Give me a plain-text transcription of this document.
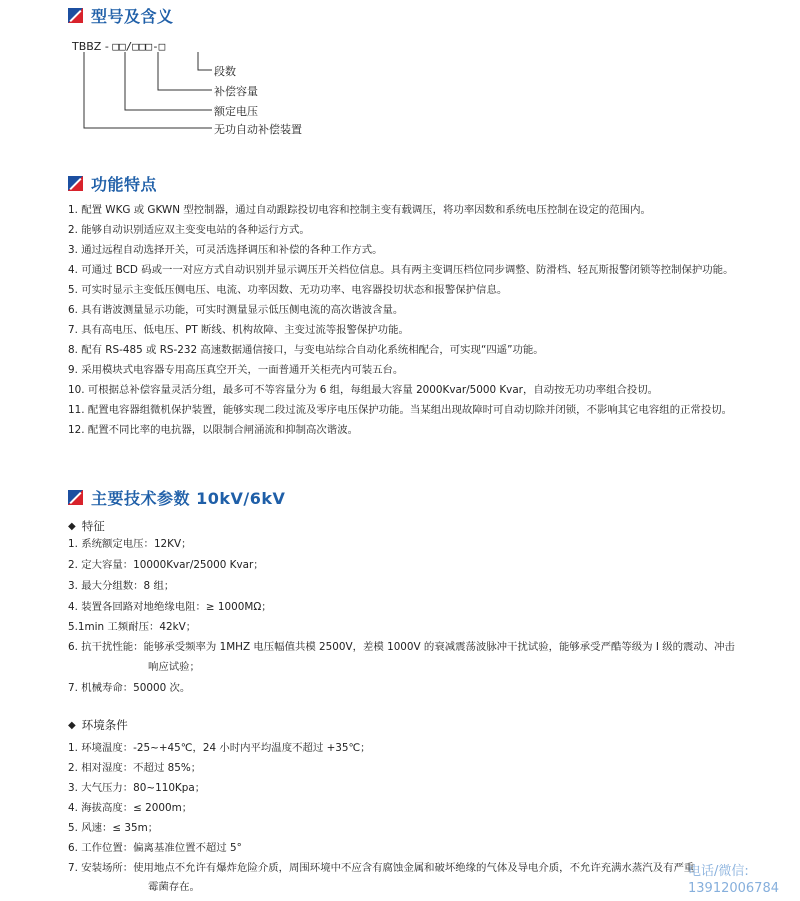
型号及含义
TBBZ - □□/□□□-□
段数
补偿容量
额定电压
无功自动补偿装置
功能特点
1. 配置 WKG 或 GKWN 型控制器，通过自动跟踪投切电容和控制主变有载调压，将功率因数和系统电压控制在设定的范围内。
2. 能够自动识别适应双主变变电站的各种运行方式。
3. 通过远程自动选择开关，可灵活选择调压和补偿的各种工作方式。
4. 可通过 BCD 码或一一对应方式自动识别并显示调压开关档位信息。具有两主变调压档位同步调整、防滑档、轻瓦斯报警闭锁等控制保护功能。
5. 可实时显示主变低压侧电压、电流、功率因数、无功功率、电容器投切状态和报警保护信息。
6. 具有谐波测量显示功能，可实时测量显示低压侧电流的高次谐波含量。
7. 具有高电压、低电压、PT 断线、机构故障、主变过流等报警保护功能。
8. 配有 RS-485 或 RS-232 高速数据通信接口，与变电站综合自动化系统相配合，可实现“四遥”功能。
9. 采用模块式电容器专用高压真空开关，一面普通开关柜壳内可装五台。
10. 可根据总补偿容量灵活分组，最多可不等容量分为 6 组，每组最大容量 2000Kvar/5000 Kvar，自动按无功功率组合投切。
11. 配置电容器组微机保护装置，能够实现二段过流及零序电压保护功能。当某组出现故障时可自动切除并闭锁，不影响其它电容组的正常投切。
12. 配置不同比率的电抗器，以限制合闸涌流和抑制高次谐波。
主要技术参数 10kV/6kV
◆ 特征
1. 系统额定电压：12KV；
2. 定大容量：10000Kvar/25000 Kvar；
3. 最大分组数：8 组；
4. 装置各回路对地绝缘电阻：≥ 1000MΩ；
5.1min 工频耐压：42kV；
6. 抗干扰性能：能够承受频率为 1MHZ 电压幅值共模 2500V，差模 1000V 的衰减震荡波脉冲干扰试验，能够承受严酷等级为 I 级的震动、冲击
响应试验；
7. 机械寿命：50000 次。
◆ 环境条件
1. 环境温度：-25~+45℃，24 小时内平均温度不超过 +35℃；
2. 相对湿度：不超过 85%；
3. 大气压力：80~110Kpa；
4. 海拔高度：≤ 2000m；
5. 风速：≤ 35m；
6. 工作位置：偏离基准位置不超过 5°
7. 安装场所：使用地点不允许有爆炸危险介质，周围环境中不应含有腐蚀金属和破坏绝缘的气体及导电介质，不允许充满水蒸汽及有严重
霉菌存在。
电话/微信:
13912006784
